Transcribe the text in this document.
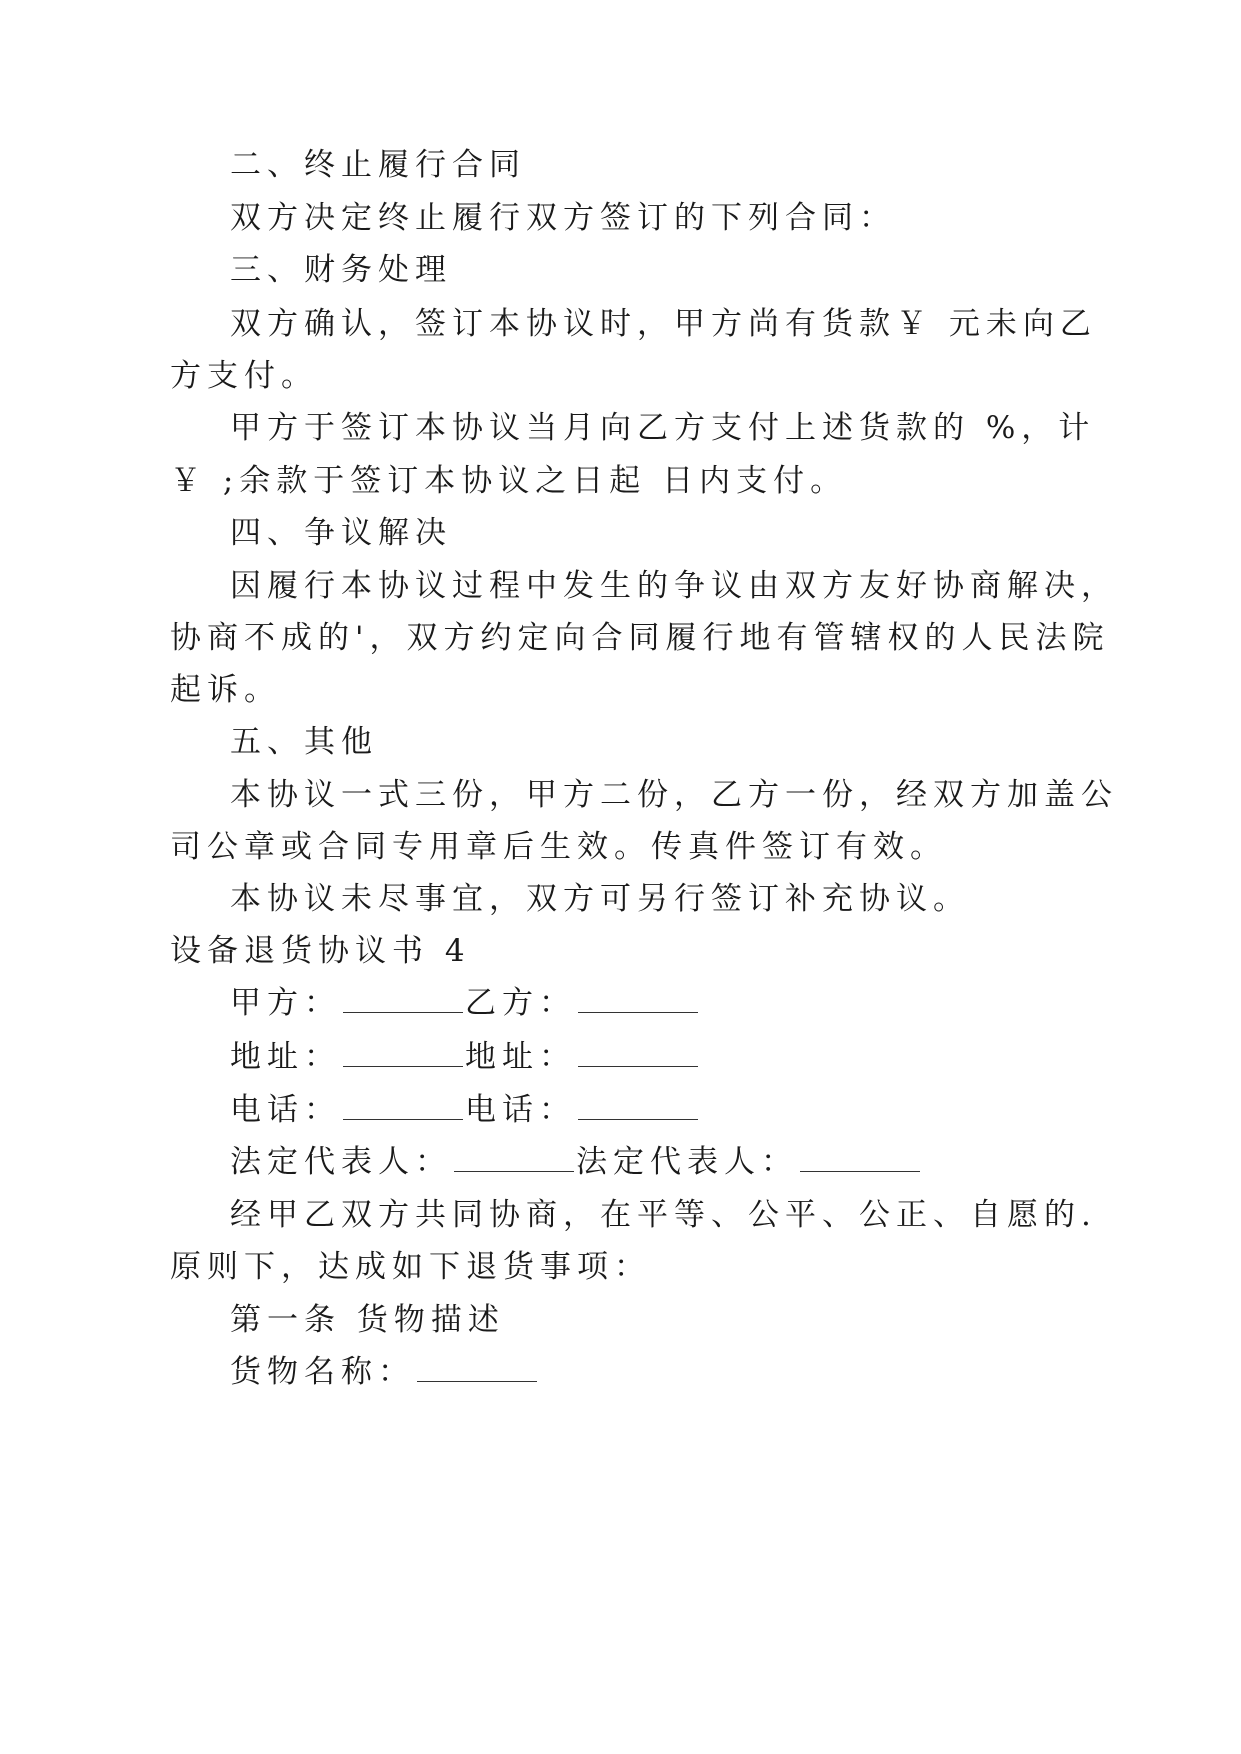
二、终止履行合同
双方决定终止履行双方签订的下列合同：
三、财务处理
双方确认，签订本协议时，甲方尚有货款￥ 元未向乙
方支付。
甲方于签订本协议当月向乙方支付上述货款的 %，计
￥ ;余款于签订本协议之日起 日内支付。
四、争议解决
因履行本协议过程中发生的争议由双方友好协商解决，
协商不成的'，双方约定向合同履行地有管辖权的人民法院
起诉。
五、其他
本协议一式三份，甲方二份，乙方一份，经双方加盖公
司公章或合同专用章后生效。传真件签订有效。
本协议未尽事宜，双方可另行签订补充协议。
设备退货协议书 4
甲方：	乙方：
地址：	地址：
电话：	电话：
法定代表人：	法定代表人：
经甲乙双方共同协商，在平等、公平、公正、自愿的.
原则下，达成如下退货事项：
第一条 货物描述
货物名称：
